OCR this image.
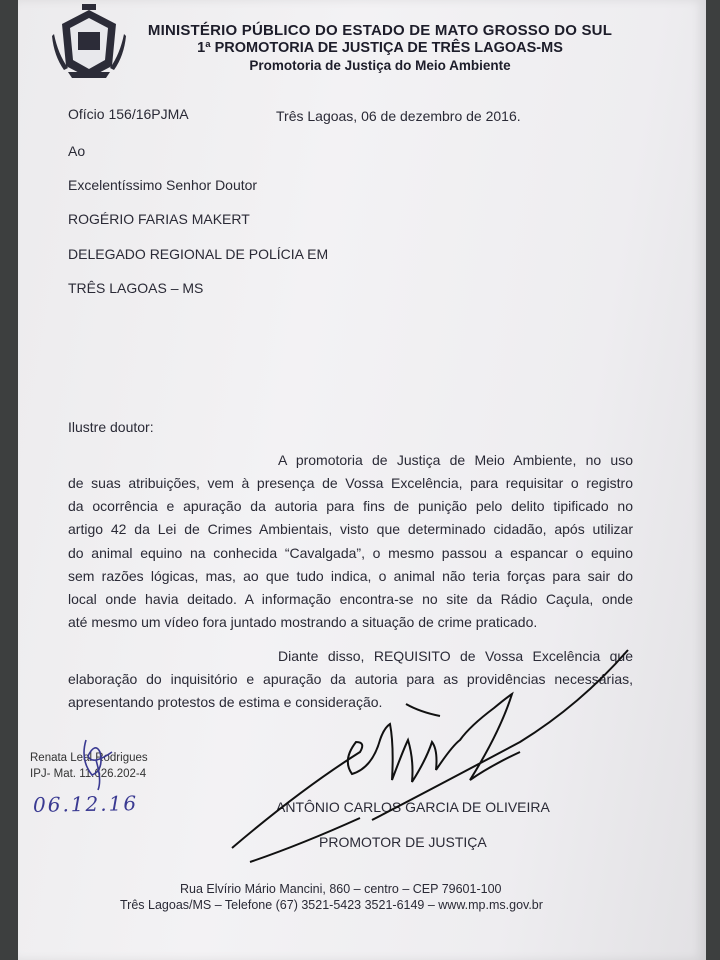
MINISTÉRIO PÚBLICO DO ESTADO DE MATO GROSSO DO SUL
1ª PROMOTORIA DE JUSTIÇA DE TRÊS LAGOAS-MS
Promotoria de Justiça do Meio Ambiente
Ofício 156/16PJMA	Três Lagoas, 06 de dezembro de 2016.
Ao
Excelentíssimo Senhor Doutor
ROGÉRIO FARIAS MAKERT
DELEGADO REGIONAL DE POLÍCIA EM
TRÊS LAGOAS – MS
Ilustre doutor:
A promotoria de Justiça de Meio Ambiente, no uso
de suas atribuições, vem à presença de Vossa Excelência, para requisitar o registro
da ocorrência e apuração da autoria para fins de punição pelo delito tipificado no
artigo 42 da Lei de Crimes Ambientais, visto que determinado cidadão, após utilizar
do animal equino na conhecida “Cavalgada”, o mesmo passou a espancar o equino
sem razões lógicas, mas, ao que tudo indica, o animal não teria forças para sair do
local onde havia deitado. A informação encontra-se no site da Rádio Caçula, onde
até mesmo um vídeo fora juntado mostrando a situação de crime praticado.
Diante disso, REQUISITO de Vossa Excelência que
elaboração do inquisitório e apuração da autoria para as providências necessárias,
apresentando protestos de estima e consideração.
Renata Leal Rodrigues
IPJ- Mat. 11.626.202-4
06.12.16	ANTÔNIO CARLOS GARCIA DE OLIVEIRA
PROMOTOR DE JUSTIÇA
Rua Elvírio Mário Mancini, 860 – centro – CEP 79601-100
Três Lagoas/MS – Telefone (67) 3521-5423 3521-6149 – www.mp.ms.gov.br
